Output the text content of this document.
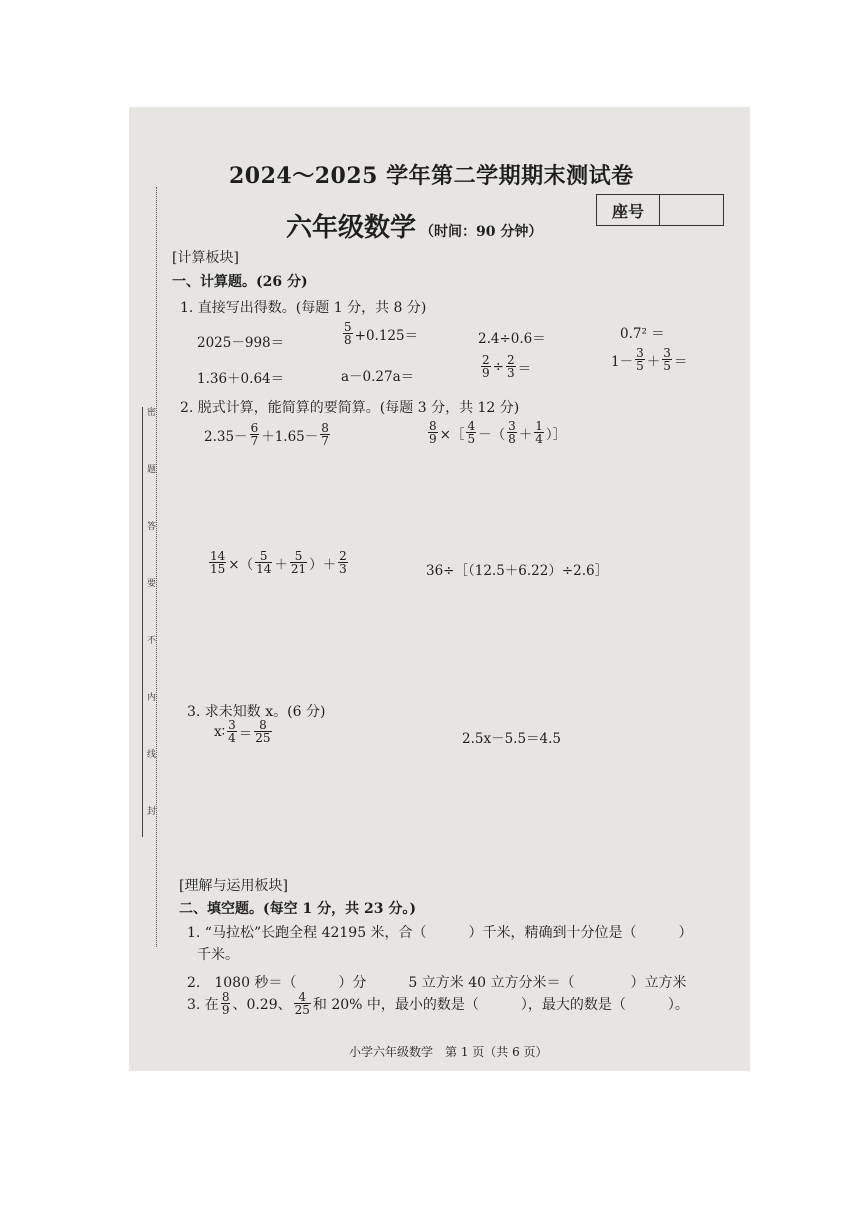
密
题
答
要
不
内
线
封
2024～2025 学年第二学期期末测试卷
六年级数学 （时间：90 分钟）
座号
[计算板块]
一、计算题。(26 分)
1. 直接写出得数。(每题 1 分，共 8 分)
2025－998＝	$\frac{5}{8} +0.125=$	2.4÷0.6＝	0.7² ＝
1.36＋0.64＝	a－0.27a＝	$\frac{2}{9} \div \frac{2}{3}$ ＝	$1- \frac{3}{5} + \frac{3}{5}$ ＝
2. 脱式计算，能简算的要简算。(每题 3 分，共 12 分)
$2.35- \frac{6}{7} +1.65- \frac{8}{7}$	$\frac{8}{9}$ ×［ $\frac{4}{5}$ －（ $\frac{3}{8} + \frac{1}{4}$ ）］
$\frac{14}{15}$ ×（ $\frac{5}{14} + \frac{5}{21}$ ）＋ $\frac{2}{3}$	36÷［（12.5＋6.22）÷2.6］
3. 求未知数 x。(6 分)
x∶ $\frac{3}{4} = \frac{8}{25}$	2.5x－5.5＝4.5
[理解与运用板块]
二、填空题。(每空 1 分，共 23 分。)
1. “马拉松”长跑全程 42195 米，合（　　　）千米，精确到十分位是（　　　）
千米。
2.　1080 秒＝（　　　）分　　　5 立方米 40 立方分米＝（　　　　）立方米
3. 在 $\frac{8}{9}$ 、0.29、 $\frac{4}{25}$ 和 20% 中，最小的数是（　　　），最大的数是（　　　）。
小学六年级数学　第 1 页（共 6 页）
